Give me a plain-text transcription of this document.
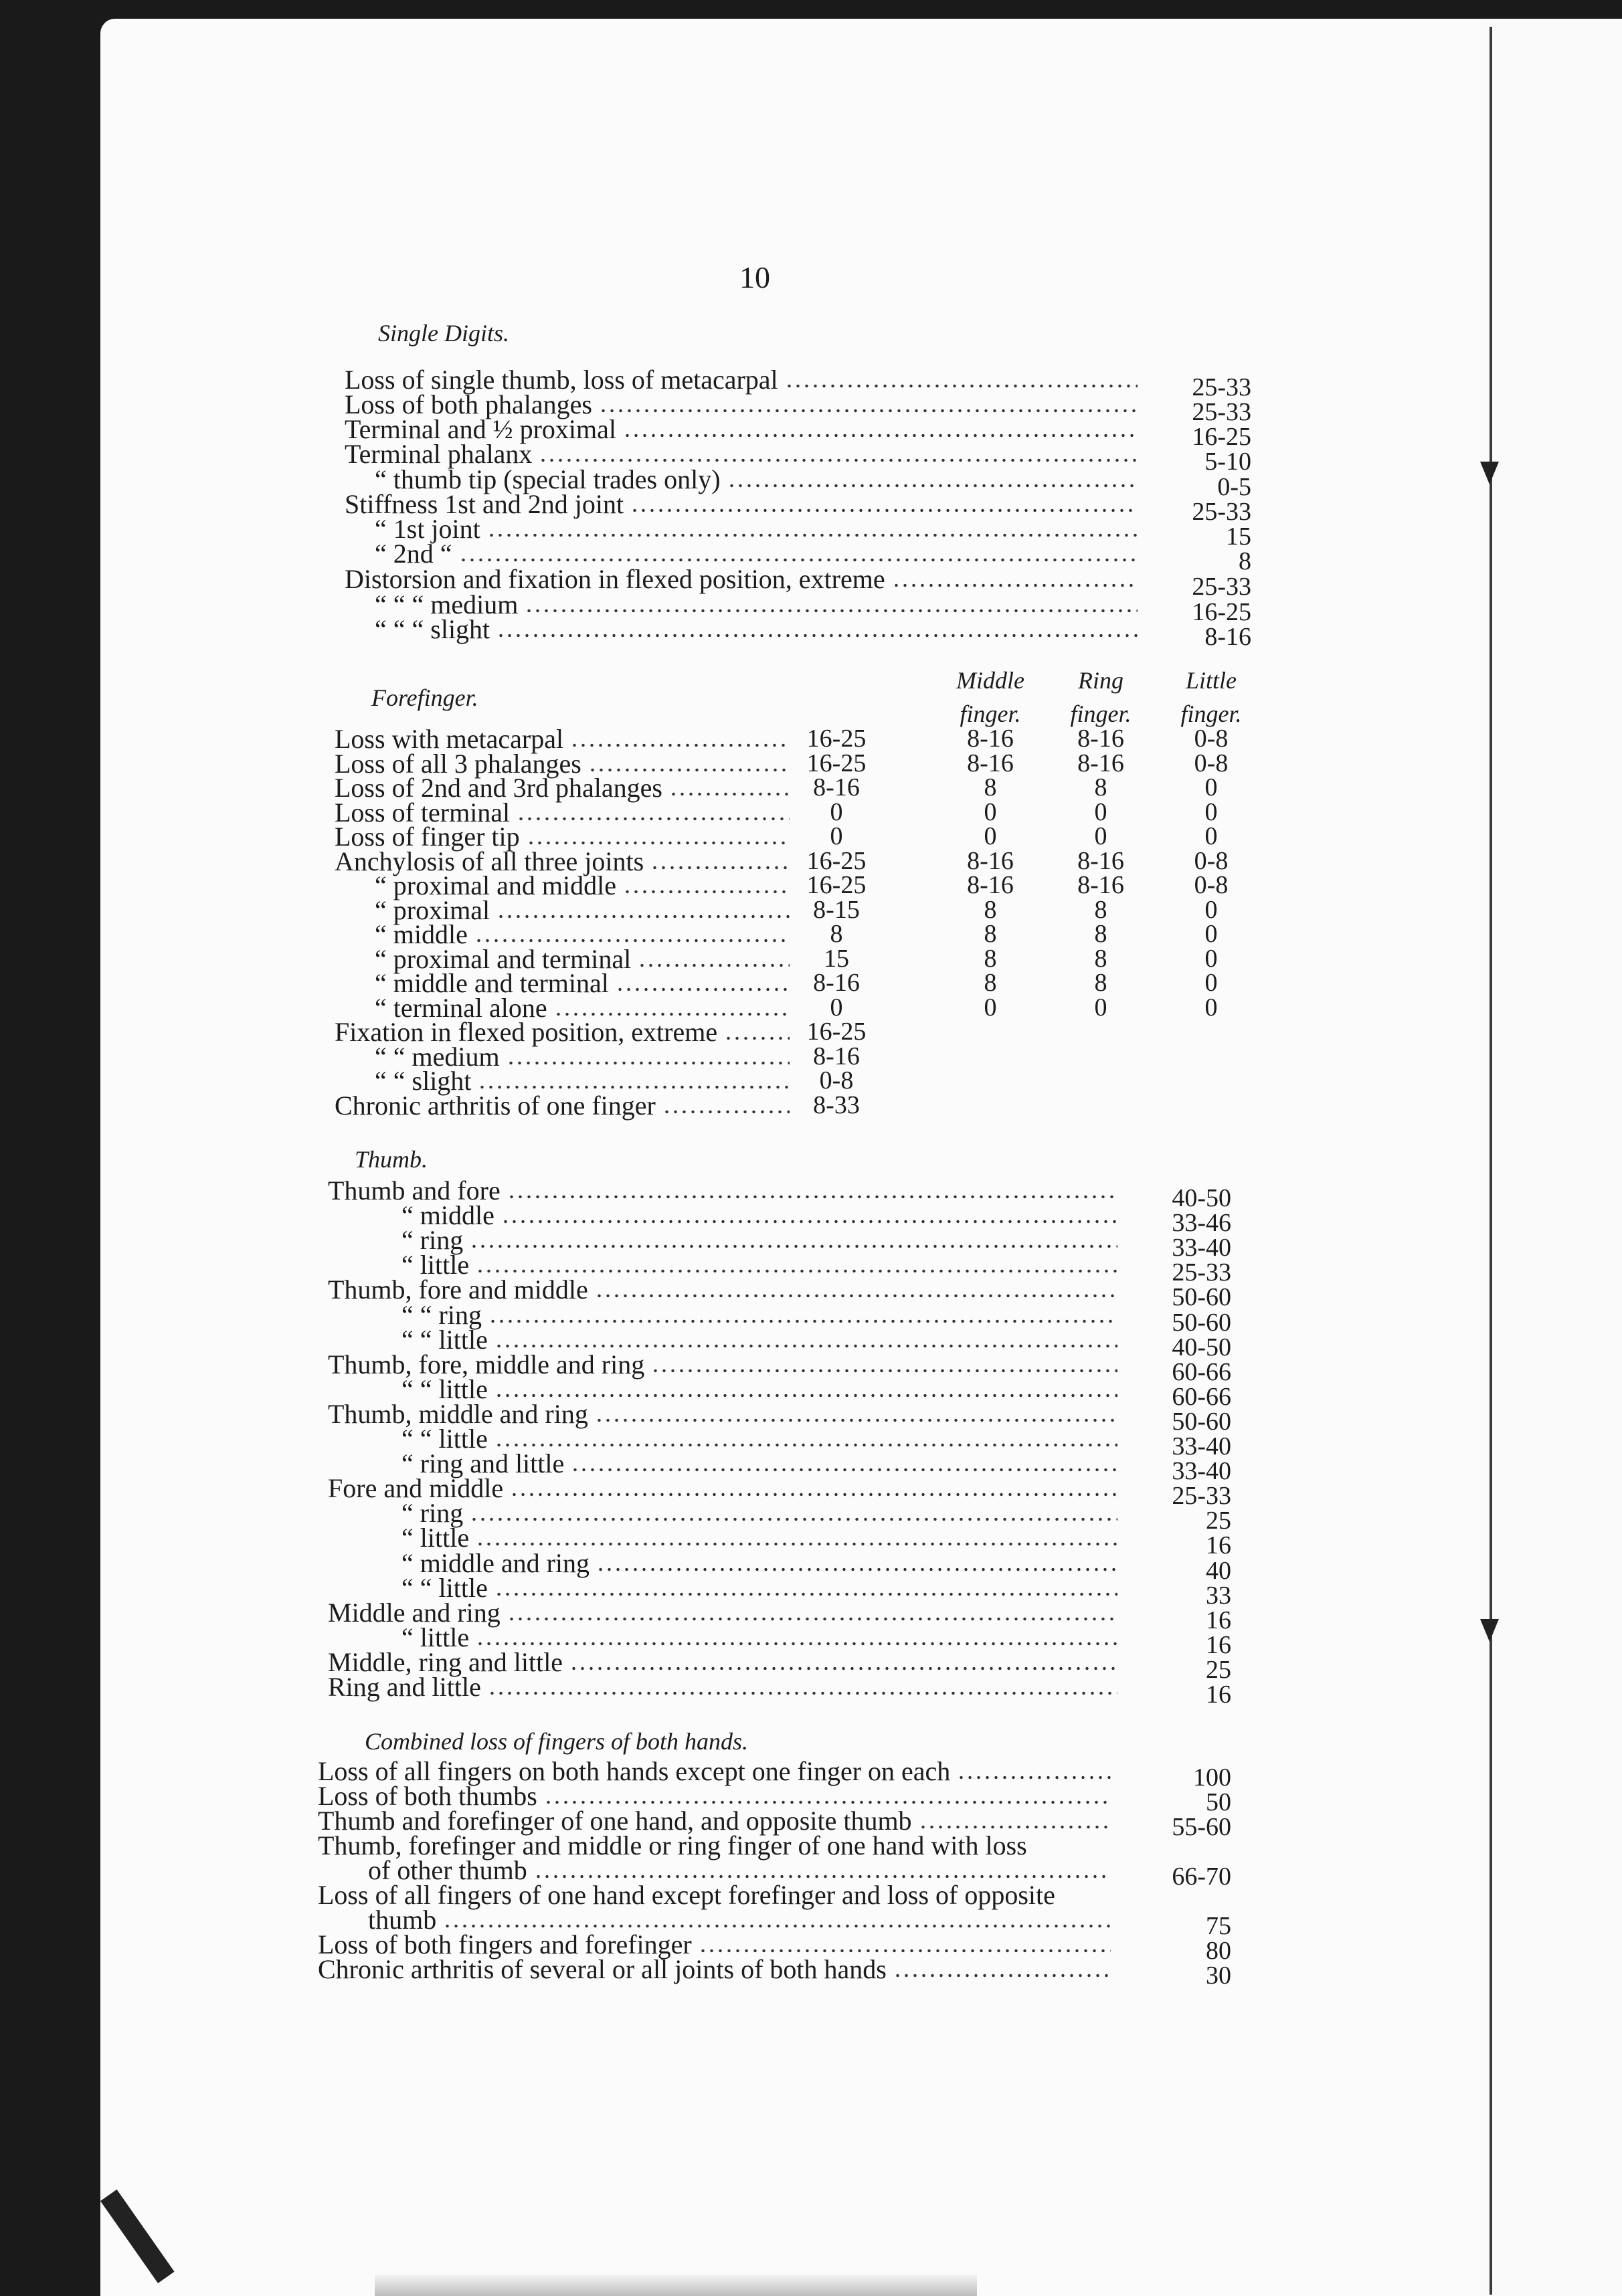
10
Single Digits.
Loss of single thumb, loss of metacarpal	25-33
Loss of both phalanges	25-33
Terminal and ½ proximal	16-25
Terminal phalanx	5-10
“ thumb tip (special trades only)	0-5
Stiffness 1st and 2nd joint	25-33
“ 1st joint	15
“ 2nd “	8
Distorsion and fixation in flexed position, extreme	25-33
“ “ “ medium	16-25
“ “ “ slight	8-16
Forefinger.
Middle finger.
Ring finger.
Little finger.
Loss with metacarpal	16-25	8-16	8-16	0-8
Loss of all 3 phalanges	16-25	8-16	8-16	0-8
Loss of 2nd and 3rd phalanges	8-16	8	8	0
Loss of terminal	0	0	0	0
Loss of finger tip	0	0	0	0
Anchylosis of all three joints	16-25	8-16	8-16	0-8
“ proximal and middle	16-25	8-16	8-16	0-8
“ proximal	8-15	8	8	0
“ middle	8	8	8	0
“ proximal and terminal	15	8	8	0
“ middle and terminal	8-16	8	8	0
“ terminal alone	0	0	0	0
Fixation in flexed position, extreme	16-25
“ “ medium	8-16
“ “ slight	0-8
Chronic arthritis of one finger	8-33
Thumb.
Thumb and fore	40-50
“ middle	33-46
“ ring	33-40
“ little	25-33
Thumb, fore and middle	50-60
“ “ ring	50-60
“ “ little	40-50
Thumb, fore, middle and ring	60-66
“ “ little	60-66
Thumb, middle and ring	50-60
“ “ little	33-40
“ ring and little	33-40
Fore and middle	25-33
“ ring	25
“ little	16
“ middle and ring	40
“ “ little	33
Middle and ring	16
“ little	16
Middle, ring and little	25
Ring and little	16
Combined loss of fingers of both hands.
Loss of all fingers on both hands except one finger on each	100
Loss of both thumbs	50
Thumb and forefinger of one hand, and opposite thumb	55-60
Thumb, forefinger and middle or ring finger of one hand with loss
of other thumb	66-70
Loss of all fingers of one hand except forefinger and loss of opposite
thumb	75
Loss of both fingers and forefinger	80
Chronic arthritis of several or all joints of both hands	30
